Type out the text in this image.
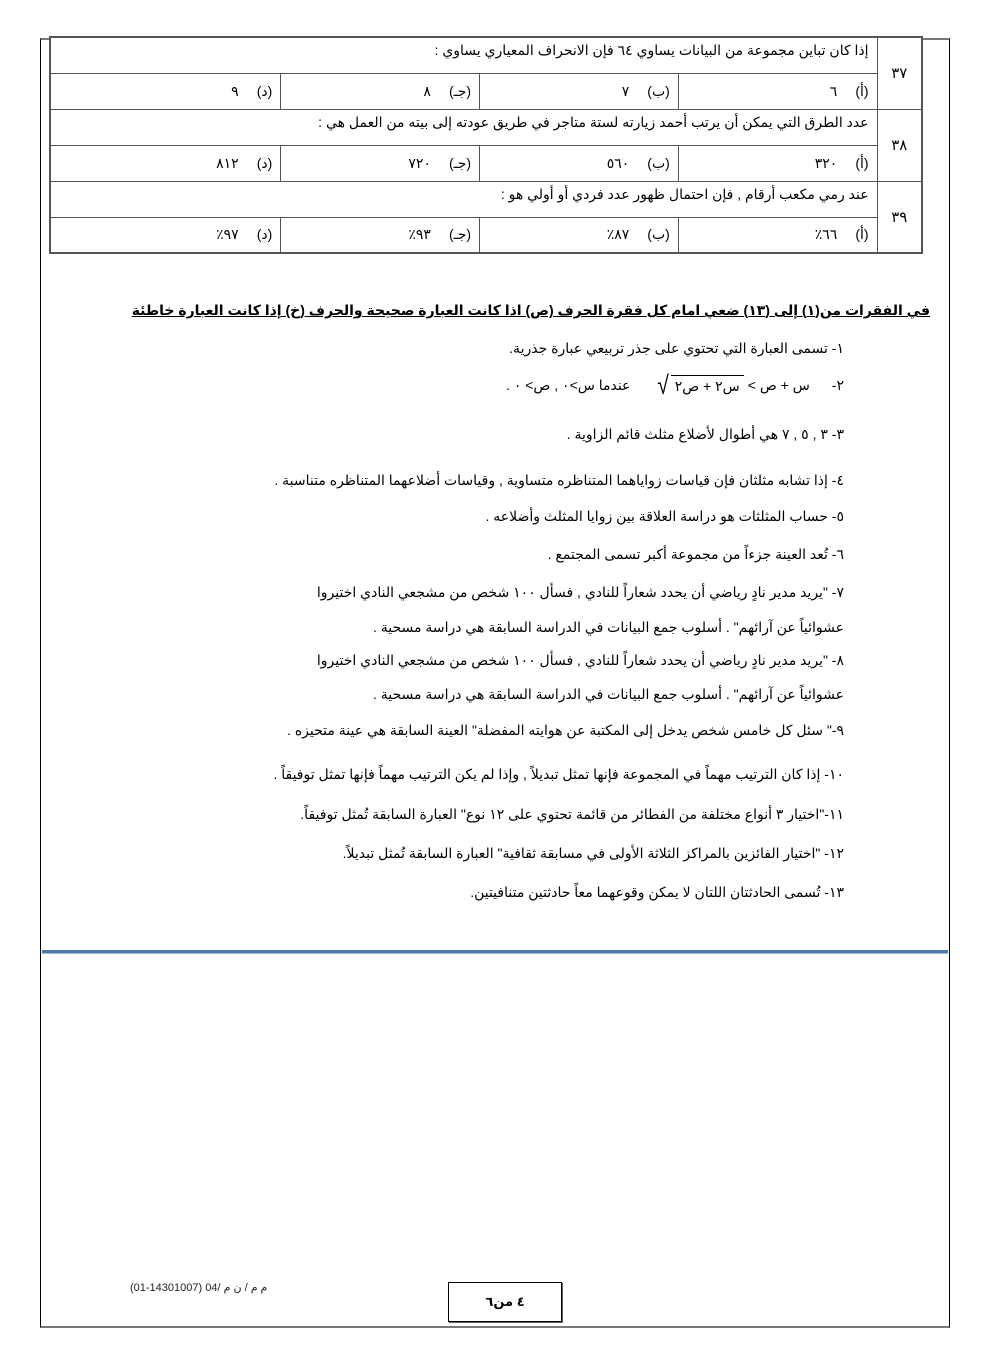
٣٧	إذا كان تباين مجموعة من البيانات يساوي ٦٤ فإن الانحراف المعياري يساوي :			
	(أ)٦	(ب)٧	(جـ)٨	(د)٩
٣٨	عدد الطرق التي يمكن أن يرتب أحمد زيارته لستة متاجر في طريق عودته إلى بيته من العمل هي :			
	(أ)٣٢٠	(ب)٥٦٠	(جـ)٧٢٠	(د)٨١٢
٣٩	عند رمي مكعب أرقام , فإن احتمال ظهور عدد فردي أو أولي هو :			
	(أ)٦٦٪	(ب)٨٧٪	(جـ)٩٣٪	(د)٩٧٪
في الفقرات من(١) إلى (١٣) ضعي امام كل فقرة الحرف (ص) اذا كانت العبارة صحيحة والحرف (خ) إذا كانت العبارة خاطئة
١- تسمى العبارة التي تحتوي على جذر تربيعي عبارة جذرية.
٢-
س + ص >
√ س٢ + ص٢
عندما س>٠ , ص> ٠ .
٣- ٣ , ٥ , ٧ هي أطوال لأضلاع مثلث قائم الزاوية .
٤- إذا تشابه مثلثان فإن قياسات زواياهما المتناظره متساوية , وقياسات أضلاعهما المتناظره متناسبة .
٥- حساب المثلثات هو دراسة العلاقة بين زوايا المثلث وأضلاعه .
٦- تُعد العينة جزءاً من مجموعة أكبر تسمى المجتمع .
٧- "يريد مدير نادٍ رياضي أن يحدد شعاراً للنادي , فسأل ١٠٠ شخص من مشجعي النادي اختيروا
عشوائياً عن آرائهم" . أسلوب جمع البيانات في الدراسة السابقة هي دراسة مسحية .
٨- "يريد مدير نادٍ رياضي أن يحدد شعاراً للنادي , فسأل ١٠٠ شخص من مشجعي النادي اختيروا
عشوائياً عن آرائهم" . أسلوب جمع البيانات في الدراسة السابقة هي دراسة مسحية .
٩-" سئل كل خامس شخص يدخل إلى المكتبة عن هوايته المفضلة" العينة السابقة هي عينة متحيزه .
١٠- إذا كان الترتيب مهماً في المجموعة فإنها تمثل تبديلاً , وإذا لم يكن الترتيب مهماً فإنها تمثل توفيقاً .
١١-"اختيار ٣ أنواع مختلفة من الفطائر من قائمة تحتوي على ١٢ نوع" العبارة السابقة تُمثل توفيقاً.
١٢- "اختيار الفائزين بالمراكز الثلاثة الأولى في مسابقة ثقافية" العبارة السابقة تُمثل تبديلاً.
١٣- تُسمى الحادثتان اللتان لا يمكن وقوعهما معاً حادثتين متنافيتين.
(01-14301007) 04/ م م / ن م
٤ من٦
